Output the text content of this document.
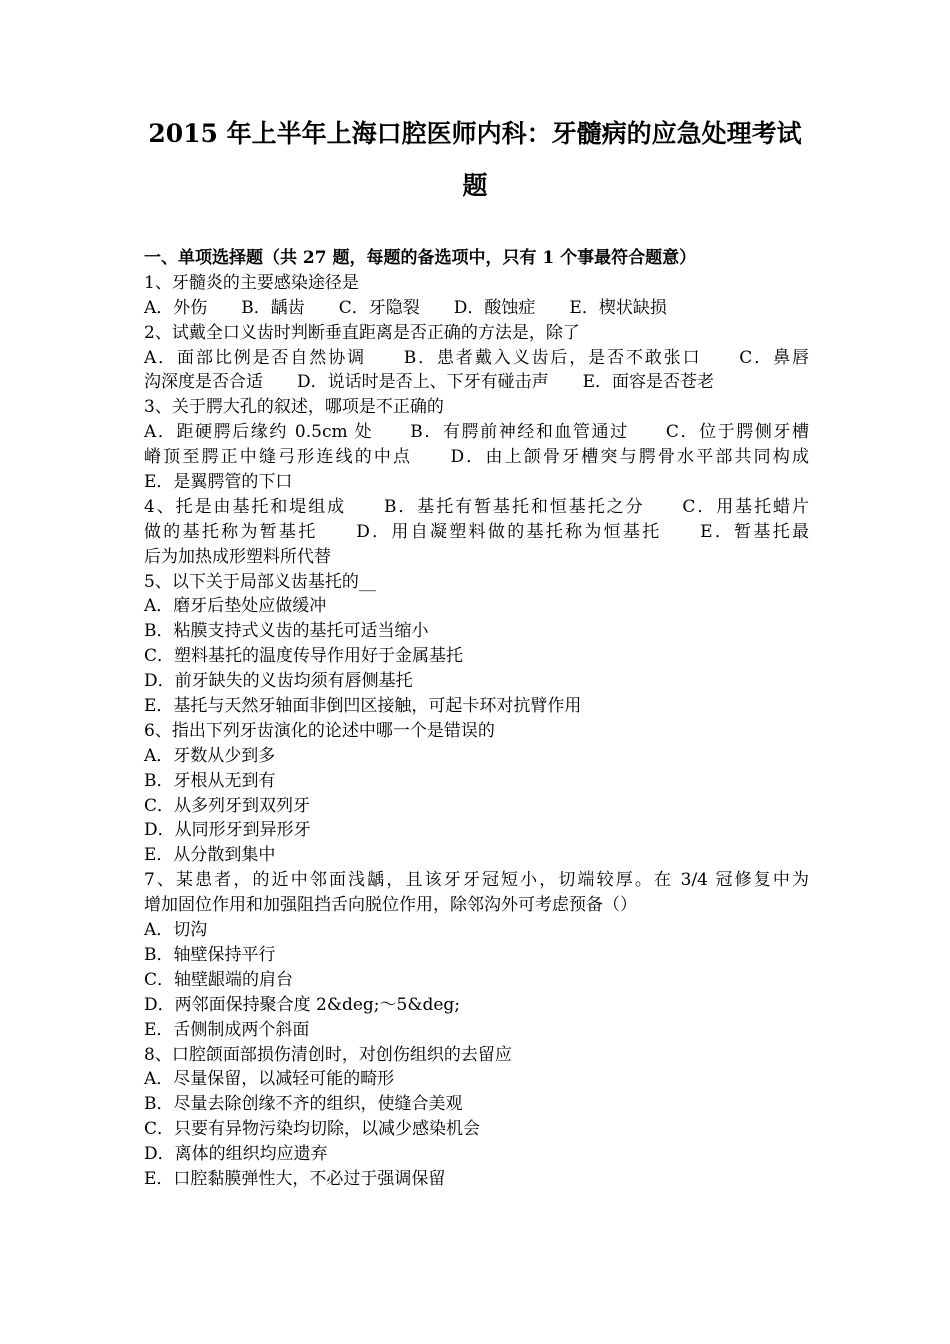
2015 年上半年上海口腔医师内科：牙髓病的应急处理考试
题
一、单项选择题（共 27 题，每题的备选项中，只有 1 个事最符合题意）
1、牙髓炎的主要感染途径是
A．外伤　　B．龋齿　　C．牙隐裂　　D．酸蚀症　　E．楔状缺损
2、试戴全口义齿时判断垂直距离是否正确的方法是，除了
A．面部比例是否自然协调　　B．患者戴入义齿后，是否不敢张口　　C．鼻唇
沟深度是否合适　　D．说话时是否上、下牙有碰击声　　E．面容是否苍老
3、关于腭大孔的叙述，哪项是不正确的
A．距硬腭后缘约 0.5cm 处　　B．有腭前神经和血管通过　　C．位于腭侧牙槽
嵴顶至腭正中缝弓形连线的中点　　D．由上颌骨牙槽突与腭骨水平部共同构成
E．是翼腭管的下口
4、托是由基托和堤组成　　B．基托有暂基托和恒基托之分　　C．用基托蜡片
做的基托称为暂基托　　D．用自凝塑料做的基托称为恒基托　　E．暂基托最
后为加热成形塑料所代替
5、以下关于局部义齿基托的__
A．磨牙后垫处应做缓冲
B．粘膜支持式义齿的基托可适当缩小
C．塑料基托的温度传导作用好于金属基托
D．前牙缺失的义齿均须有唇侧基托
E．基托与天然牙轴面非倒凹区接触，可起卡环对抗臂作用
6、指出下列牙齿演化的论述中哪一个是错误的
A．牙数从少到多
B．牙根从无到有
C．从多列牙到双列牙
D．从同形牙到异形牙
E．从分散到集中
7、某患者，的近中邻面浅龋，且该牙牙冠短小，切端较厚。在 3/4 冠修复中为
增加固位作用和加强阻挡舌向脱位作用，除邻沟外可考虑预备（）
A．切沟
B．轴壁保持平行
C．轴壁龈端的肩台
D．两邻面保持聚合度 2&deg;～5&deg;
E．舌侧制成两个斜面
8、口腔颌面部损伤清创时，对创伤组织的去留应
A．尽量保留，以减轻可能的畸形
B．尽量去除创缘不齐的组织，使缝合美观
C．只要有异物污染均切除，以减少感染机会
D．离体的组织均应遗弃
E．口腔黏膜弹性大，不必过于强调保留
